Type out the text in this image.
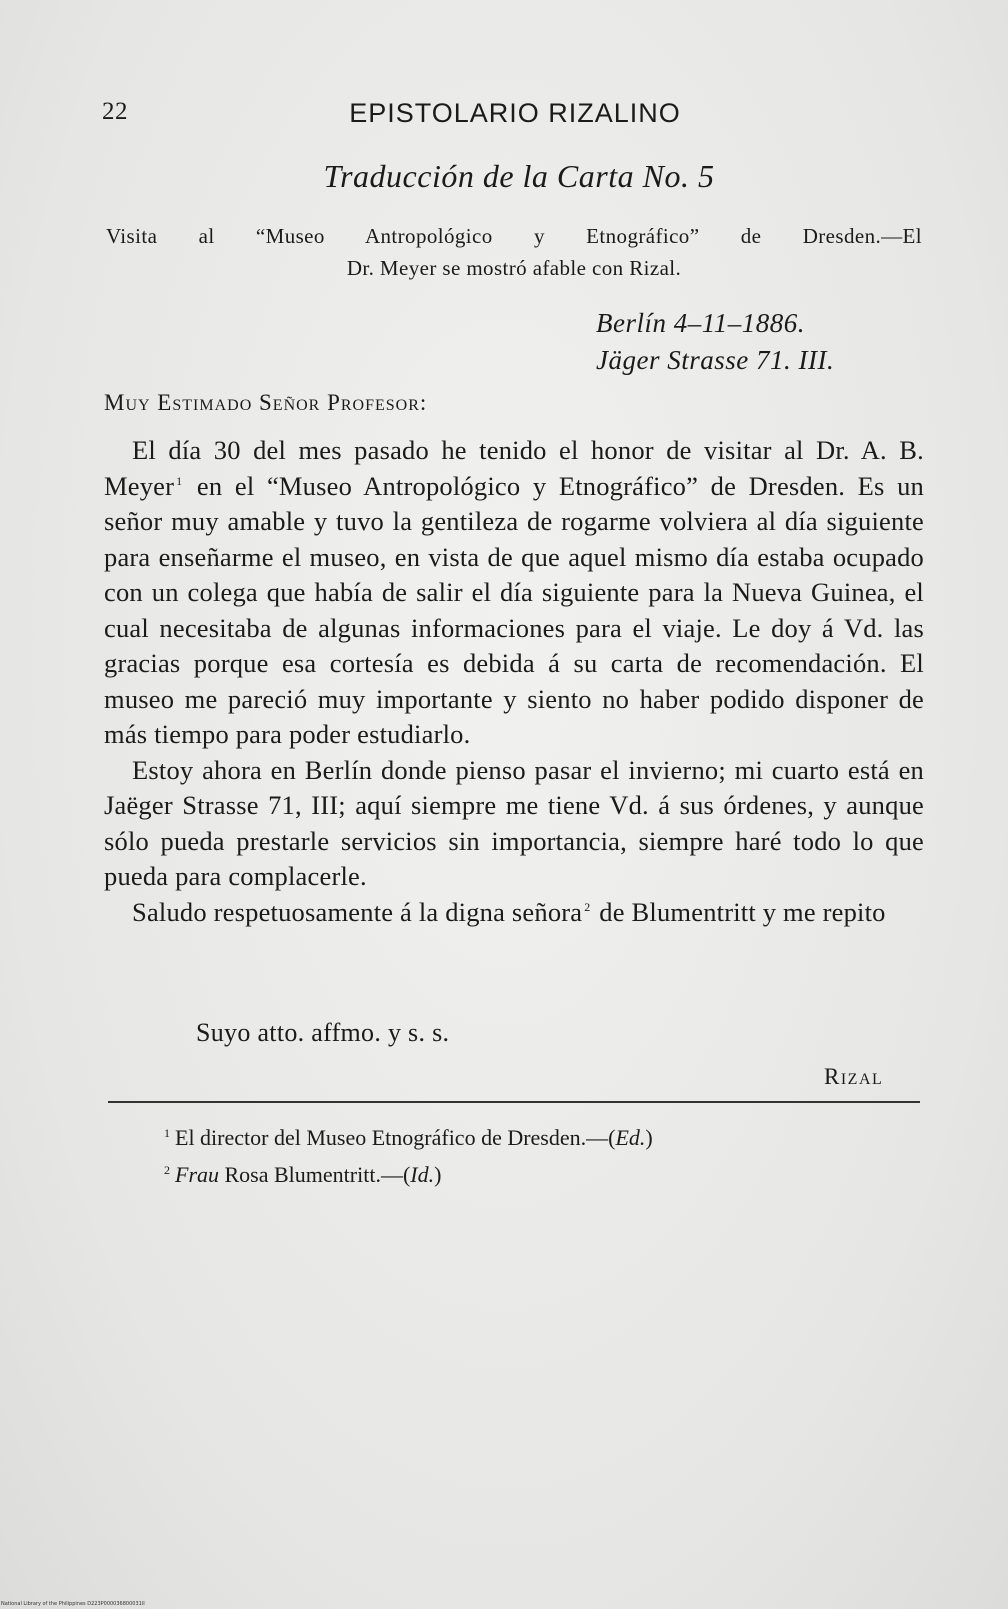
22	EPISTOLARIO RIZALINO
Traducción de la Carta No. 5
Visita al “Museo Antropológico y Etnográfico” de Dresden.—El
Dr. Meyer se mostró afable con Rizal.
Berlín 4–11–1886.
Jäger Strasse 71. III.
Muy Estimado Señor Profesor:

El día 30 del mes pasado he tenido el honor de visitar al Dr. A. B. Meyer $^1$ en el “Museo Antropológico y Etnográfico” de Dresden. Es un señor muy amable y tuvo la gentileza de rogarme volviera al día siguiente para enseñarme el museo, en vista de que aquel mismo día estaba ocupado con un colega que había de salir el día siguiente para la Nueva Guinea, el cual necesitaba de algunas informaciones para el viaje. Le doy á Vd. las gracias porque esa cortesía es debida á su carta de recomendación. El museo me pareció muy importante y siento no haber podido disponer de más tiempo para poder estudiarlo.

Estoy ahora en Berlín donde pienso pasar el invierno; mi cuarto está en Jaëger Strasse 71, III; aquí siempre me tiene Vd. á sus órdenes, y aunque sólo pueda prestarle servicios sin importancia, siempre haré todo lo que pueda para complacerle.

Saludo respetuosamente á la digna señora $^2$ de Blumentritt y me repito

Suyo atto. affmo. y s. s.
Rizal
$^1$ El director del Museo Etnográfico de Dresden.—(Ed.)
$^2$ Frau Rosa Blumentritt.—(Id.)
National Library of the Philippines D223P000036800031II
